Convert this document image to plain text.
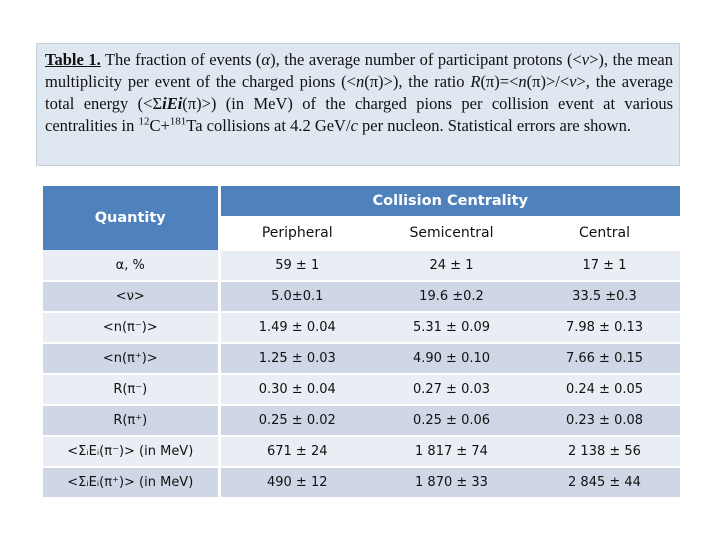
Table 1. The fraction of events (α), the average number of participant protons (<ν>), the mean multiplicity per event of the charged pions (<n(π)>), the ratio R(π)=<n(π)>/<ν>, the average total energy (<ΣiEi(π)>) (in MeV) of the charged pions per collision event at various centralities in $^{12}$C+$^{181}$Ta collisions at 4.2 GeV/c per nucleon. Statistical errors are shown.
Quantity	Collision Centrality		
	Peripheral	Semicentral	Central
α, %	59 ± 1	24 ± 1	17 ± 1
<ν>	5.0±0.1	19.6 ±0.2	33.5 ±0.3
<n(π⁻)>	1.49 ± 0.04	5.31 ± 0.09	7.98 ± 0.13
<n(π⁺)>	1.25 ± 0.03	4.90 ± 0.10	7.66 ± 0.15
R(π⁻)	0.30 ± 0.04	0.27 ± 0.03	0.24 ± 0.05
R(π⁺)	0.25 ± 0.02	0.25 ± 0.06	0.23 ± 0.08
<ΣᵢEᵢ(π⁻)> (in MeV)	671 ± 24	1 817 ± 74	2 138 ± 56
<ΣᵢEᵢ(π⁺)> (in MeV)	490 ± 12	1 870 ± 33	2 845 ± 44
